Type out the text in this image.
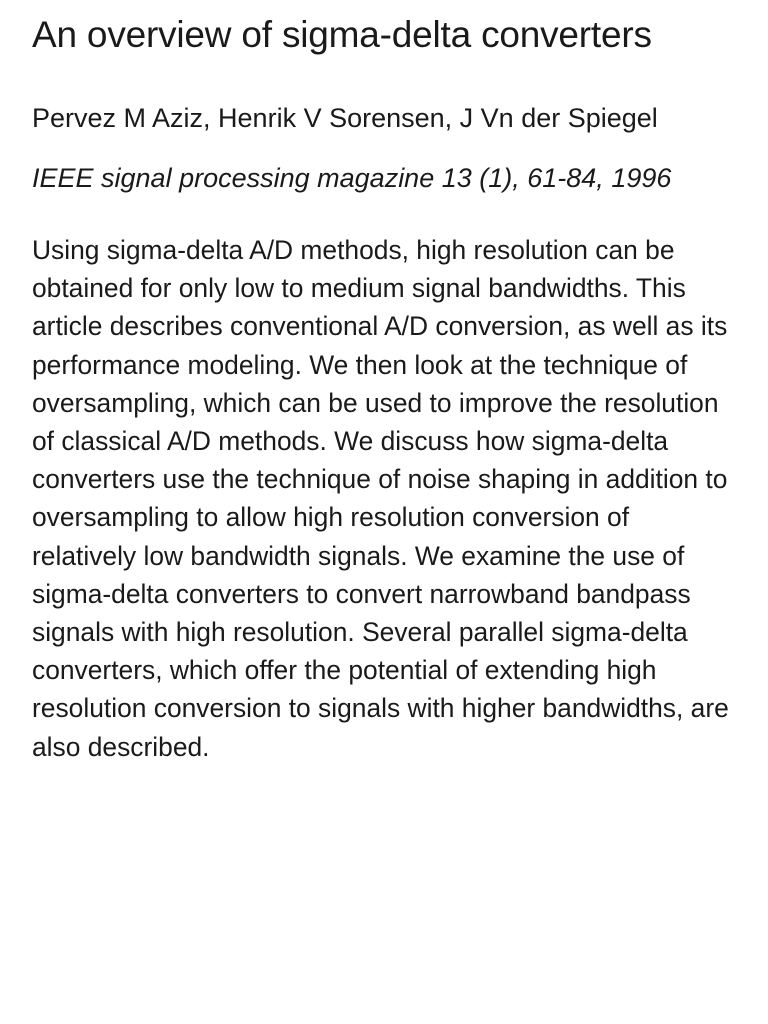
An overview of sigma-delta converters

Pervez M Aziz, Henrik V Sorensen, J Vn der Spiegel

IEEE signal processing magazine 13 (1), 61-84, 1996

Using sigma-delta A/D methods, high resolution can be obtained for only low to medium signal bandwidths. This article describes conventional A/D conversion, as well as its performance modeling. We then look at the technique of oversampling, which can be used to improve the resolution of classical A/D methods. We discuss how sigma-delta converters use the technique of noise shaping in addition to oversampling to allow high resolution conversion of relatively low bandwidth signals. We examine the use of sigma-delta converters to convert narrowband bandpass signals with high resolution. Several parallel sigma-delta converters, which offer the potential of extending high resolution conversion to signals with higher bandwidths, are also described.
